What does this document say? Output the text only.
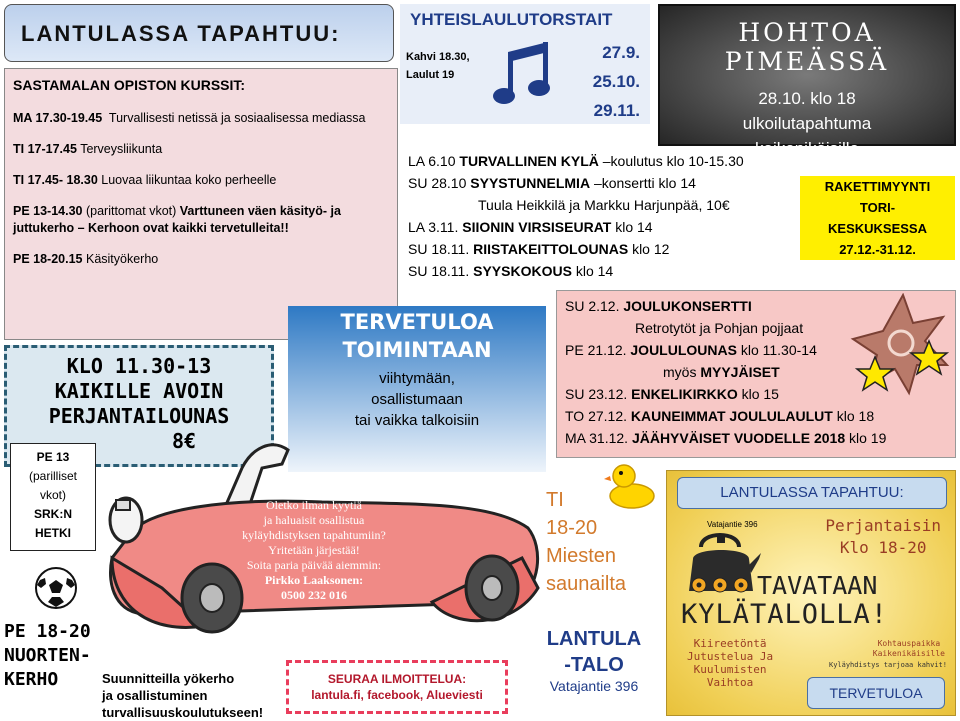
LANTULASSA TAPAHTUU:
SASTAMALAN OPISTON KURSSIT:

MA 17.30-19.45 Turvallisesti netissä ja sosiaalisessa mediassa

TI 17-17.45 Terveysliikunta

TI 17.45- 18.30 Luovaa liikuntaa koko perheelle

PE 13-14.30 (parittomat vkot) Varttuneen väen käsityö- ja juttukerho – Kerhoon ovat kaikki tervetulleita!!

PE 18-20.15 Käsityökerho

YHTEISLAULUTORSTAIT
Kahvi 18.30,
Laulut 19
27.9.
25.10.
29.11.
HOHTOA PIMEÄSSÄ
28.10. klo 18
ulkoilutapahtuma
kaikenikäisille
LA 6.10 TURVALLINEN KYLÄ –koulutus klo 10-15.30
SU 28.10 SYYSTUNNELMIA –konsertti klo 14
Tuula Heikkilä ja Markku Harjunpää, 10€
LA 3.11. SIIONIN VIRSISEURAT klo 14
SU 18.11. RIISTAKEITTOLOUNAS klo 12
SU 18.11. SYYSKOKOUS klo 14
RAKETTIMYYNTI
TORI-
KESKUKSESSA
27.12.-31.12.
SU 2.12. JOULUKONSERTTI
Retrotytöt ja Pohjan pojjaat
PE 21.12. JOULULOUNAS klo 11.30-14
myös MYYJÄISET
SU 23.12. ENKELIKIRKKO klo 15
TO 27.12. KAUNEIMMAT JOULULAULUT klo 18
MA 31.12. JÄÄHYVÄISET VUODELLE 2018 klo 19
TERVETULOA
TOIMINTAAN
viihtymään,
osallistumaan
tai vaikka talkoisiin
KLO 11.30-13
KAIKILLE AVOIN
PERJANTAILOUNAS
8€
Oletko ilman kyytiä
ja haluaisit osallistua
kyläyhdistyksen tapahtumiin?
Yritetään järjestää!
Soita paria päivää aiemmin:
Pirkko Laaksonen:
0500 232 016
PE 13
(parilliset
vkot)
SRK:N
HETKI
PE 18-20
NUORTEN-
KERHO	Suunnitteilla yökerho
ja osallistuminen
turvallisuuskoulutukseen!
SEURAA ILMOITTELUA:
lantula.fi, facebook, Alueviesti
TI
18-20
Miesten
saunailta
LANTULA
-TALO
Vatajantie 396
LANTULASSA TAPAHTUU:
Vatajantie 396	Perjantaisin
Klo 18-20
TAVATAAN
KYLÄTALOLLA!
Kiireetöntä
Jutustelua Ja
Kuulumisten
Vaihtoa
Kohtauspaikka
Kaikenikäisille
Kyläyhdistys tarjoaa kahvit!
TERVETULOA
